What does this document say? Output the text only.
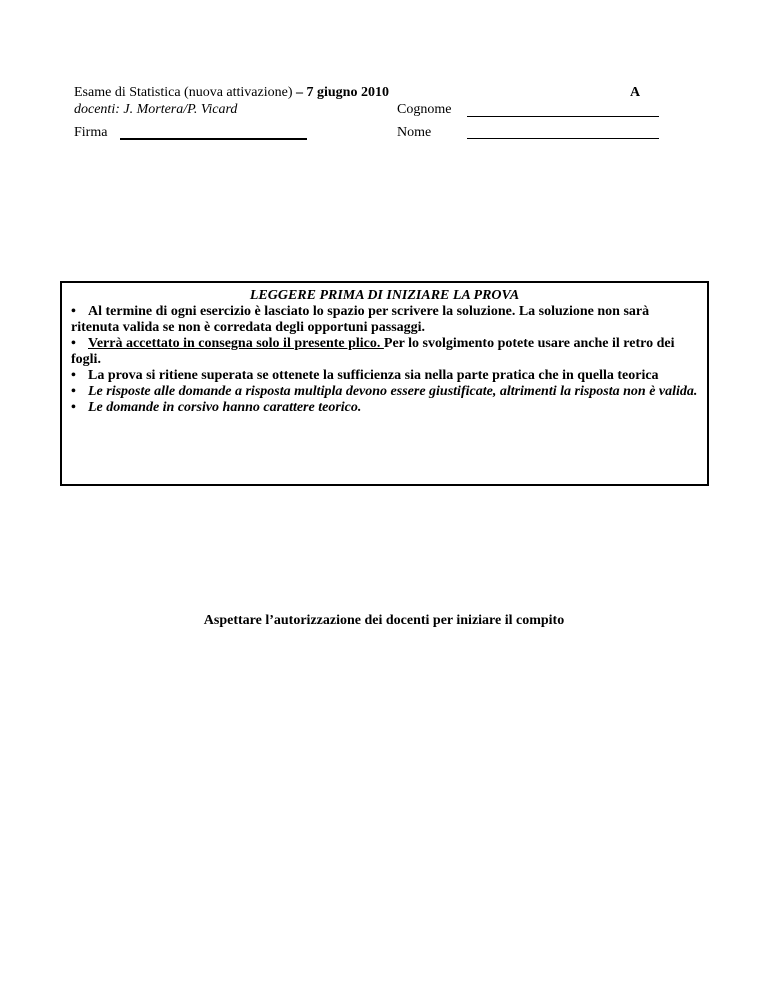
Esame di Statistica (nuova attivazione) – 7 giugno 2010	A
docenti: J. Mortera/P. Vicard	Cognome
Firma	Nome
LEGGERE PRIMA DI INIZIARE LA PROVA

• Al termine di ogni esercizio è lasciato lo spazio per scrivere la soluzione. La soluzione non sarà ritenuta valida se non è corredata degli opportuni passaggi.

• Verrà accettato in consegna solo il presente plico. Per lo svolgimento potete usare anche il retro dei fogli.

• La prova si ritiene superata se ottenete la sufficienza sia nella parte pratica che in quella teorica

• Le risposte alle domande a risposta multipla devono essere giustificate, altrimenti la risposta non è valida.

• Le domande in corsivo hanno carattere teorico.

Aspettare l’autorizzazione dei docenti per iniziare il compito
